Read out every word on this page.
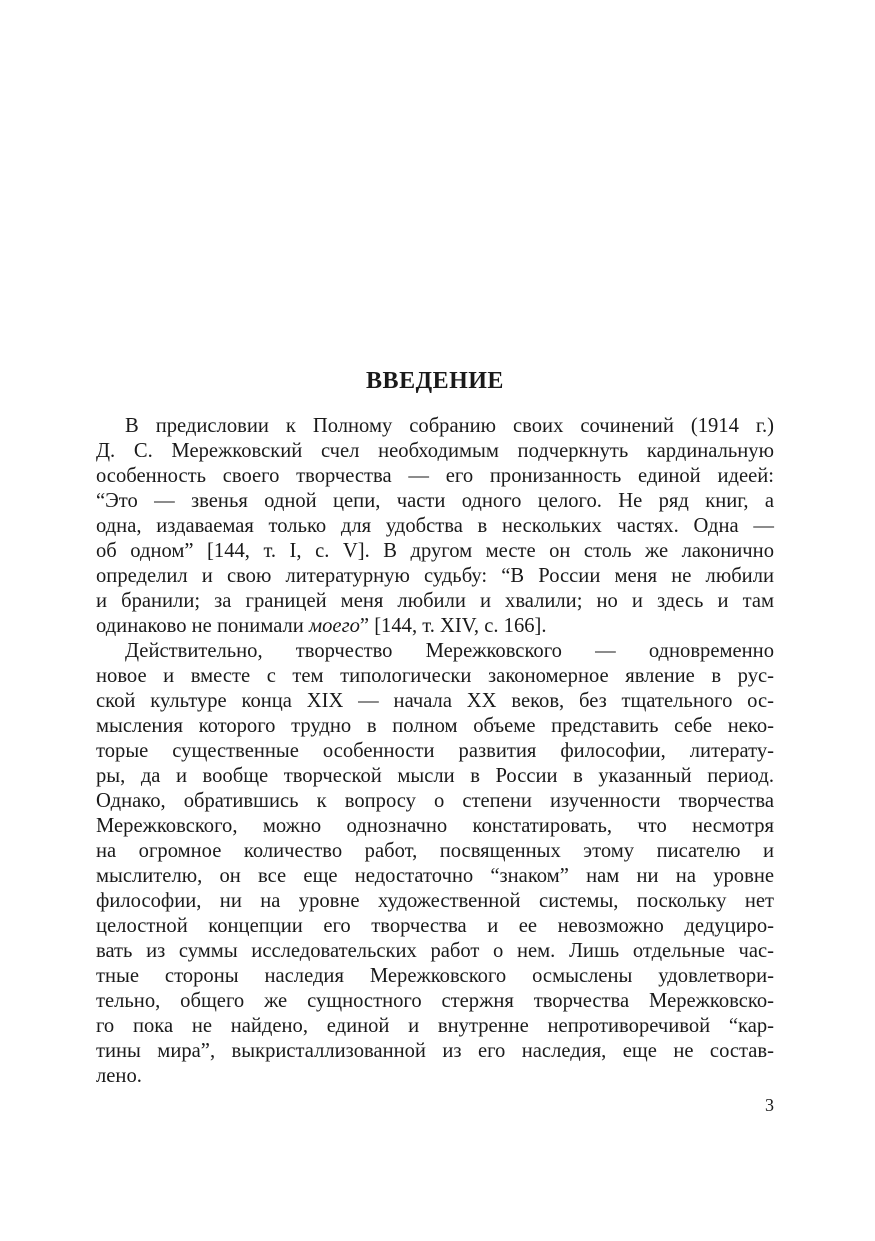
ВВЕДЕНИЕ
В предисловии к Полному собранию своих сочинений (1914 г.)
Д. С. Мережковский счел необходимым подчеркнуть кардинальную
особенность своего творчества — его пронизанность единой идеей:
“Это — звенья одной цепи, части одного целого. Не ряд книг, а
одна, издаваемая только для удобства в нескольких частях. Одна —
об одном” [144, т. I, с. V]. В другом месте он столь же лаконично
определил и свою литературную судьбу: “В России меня не любили
и бранили; за границей меня любили и хвалили; но и здесь и там
одинаково не понимали моего” [144, т. XIV, с. 166].
Действительно, творчество Мережковского — одновременно
новое и вместе с тем типологически закономерное явление в рус-
ской культуре конца XIX — начала XX веков, без тщательного ос-
мысления которого трудно в полном объеме представить себе неко-
торые существенные особенности развития философии, литерату-
ры, да и вообще творческой мысли в России в указанный период.
Однако, обратившись к вопросу о степени изученности творчества
Мережковского, можно однозначно констатировать, что несмотря
на огромное количество работ, посвященных этому писателю и
мыслителю, он все еще недостаточно “знаком” нам ни на уровне
философии, ни на уровне художественной системы, поскольку нет
целостной концепции его творчества и ее невозможно дедуциро-
вать из суммы исследовательских работ о нем. Лишь отдельные час-
тные стороны наследия Мережковского осмыслены удовлетвори-
тельно, общего же сущностного стержня творчества Мережковско-
го пока не найдено, единой и внутренне непротиворечивой “кар-
тины мира”, выкристаллизованной из его наследия, еще не состав-
лено.

3
